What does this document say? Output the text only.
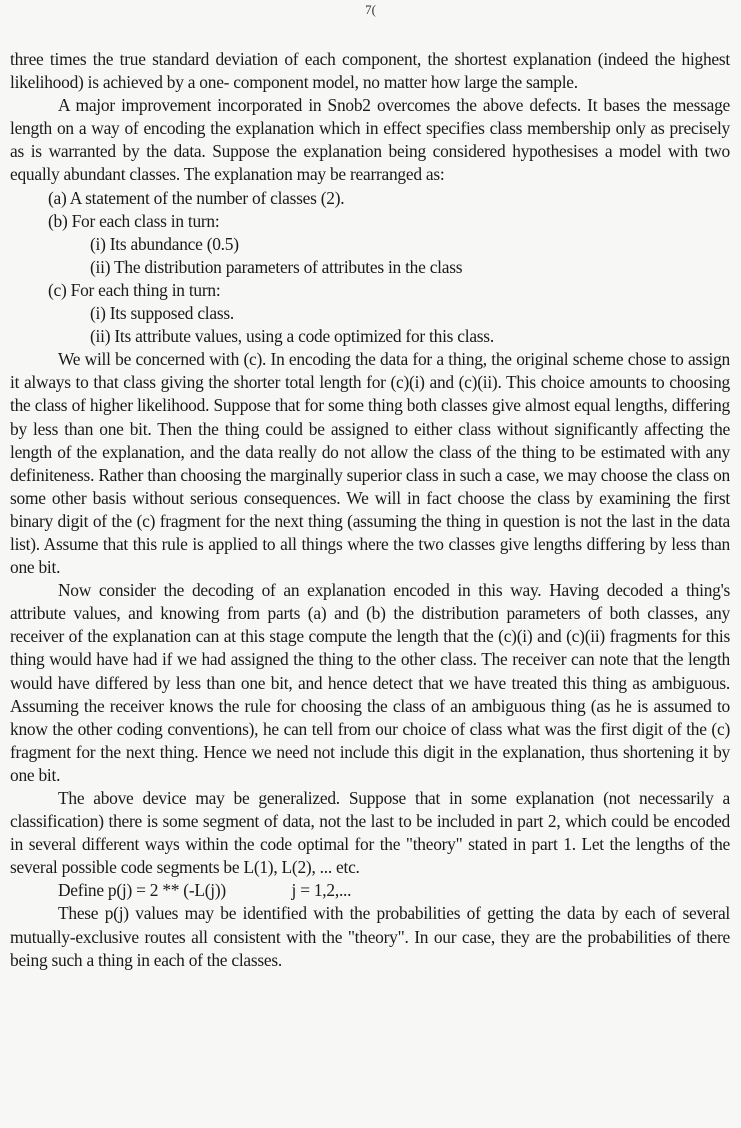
7(

three times the true standard deviation of each component, the shortest explanation (indeed the highest likelihood) is achieved by a one- component model, no matter how large the sample.

A major improvement incorporated in Snob2 overcomes the above defects. It bases the message length on a way of encoding the explanation which in effect specifies class membership only as precisely as is warranted by the data. Suppose the explanation being considered hypothesises a model with two equally abundant classes. The explanation may be rearranged as:

(a) A statement of the number of classes (2).

(b) For each class in turn:

(i) Its abundance (0.5)

(ii) The distribution parameters of attributes in the class

(c) For each thing in turn:

(i) Its supposed class.

(ii) Its attribute values, using a code optimized for this class.

We will be concerned with (c). In encoding the data for a thing, the original scheme chose to assign it always to that class giving the shorter total length for (c)(i) and (c)(ii). This choice amounts to choosing the class of higher likelihood. Suppose that for some thing both classes give almost equal lengths, differing by less than one bit. Then the thing could be assigned to either class without significantly affecting the length of the explanation, and the data really do not allow the class of the thing to be estimated with any definiteness. Rather than choosing the marginally superior class in such a case, we may choose the class on some other basis without serious consequences. We will in fact choose the class by examining the first binary digit of the (c) fragment for the next thing (assuming the thing in question is not the last in the data list). Assume that this rule is applied to all things where the two classes give lengths differing by less than one bit.

Now consider the decoding of an explanation encoded in this way. Having decoded a thing's attribute values, and knowing from parts (a) and (b) the distribution parameters of both classes, any receiver of the explanation can at this stage compute the length that the (c)(i) and (c)(ii) fragments for this thing would have had if we had assigned the thing to the other class. The receiver can note that the length would have differed by less than one bit, and hence detect that we have treated this thing as ambiguous. Assuming the receiver knows the rule for choosing the class of an ambiguous thing (as he is assumed to know the other coding conventions), he can tell from our choice of class what was the first digit of the (c) fragment for the next thing. Hence we need not include this digit in the explanation, thus shortening it by one bit.

The above device may be generalized. Suppose that in some explanation (not necessarily a classification) there is some segment of data, not the last to be included in part 2, which could be encoded in several different ways within the code optimal for the "theory" stated in part 1. Let the lengths of the several possible code segments be L(1), L(2), ... etc.

Define p(j) = 2 ** (-L(j))                j = 1,2,...

These p(j) values may be identified with the probabilities of getting the data by each of several mutually-exclusive routes all consistent with the "theory". In our case, they are the probabilities of there being such a thing in each of the classes.
